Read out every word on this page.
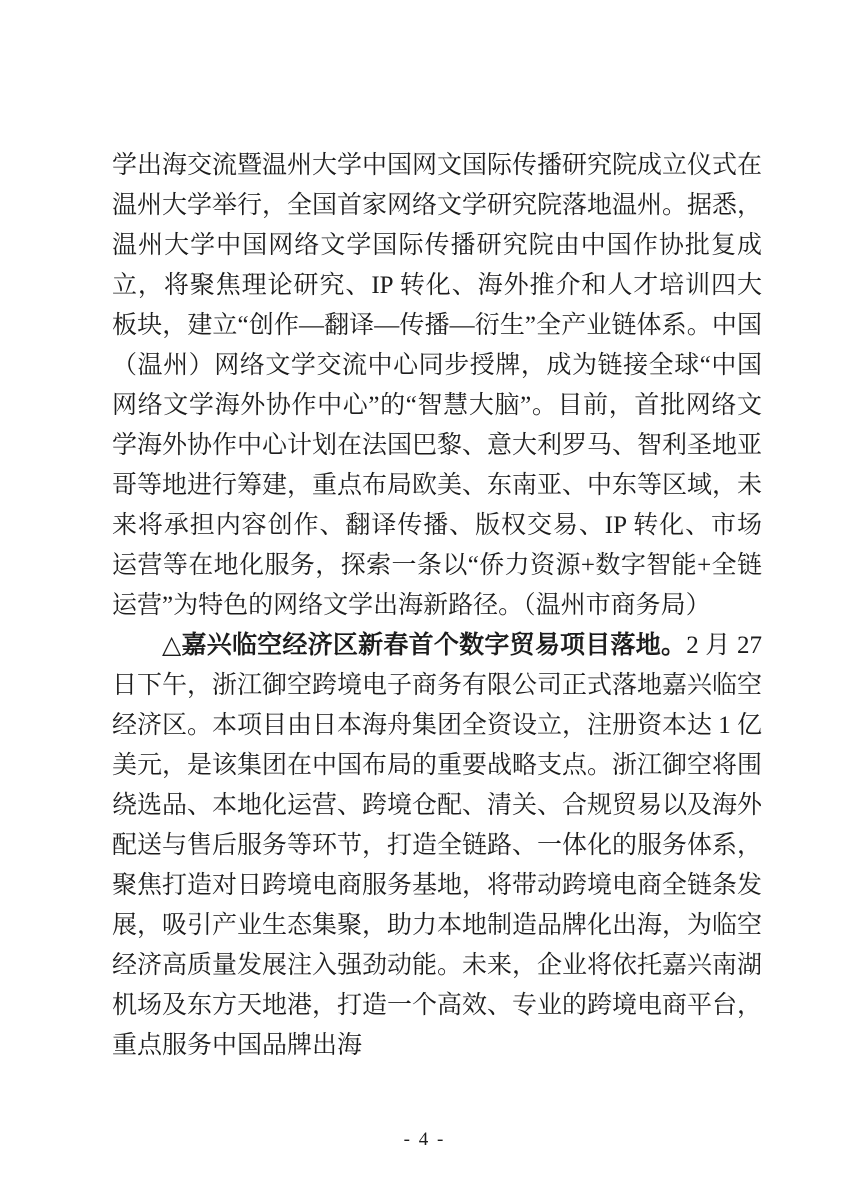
学出海交流暨温州大学中国网文国际传播研究院成立仪式在温州大学举行，全国首家网络文学研究院落地温州。据悉，温州大学中国网络文学国际传播研究院由中国作协批复成立，将聚焦理论研究、IP 转化、海外推介和人才培训四大板块，建立“创作—翻译—传播—衍生”全产业链体系。中国（温州）网络文学交流中心同步授牌，成为链接全球“中国网络文学海外协作中心”的“智慧大脑”。目前，首批网络文学海外协作中心计划在法国巴黎、意大利罗马、智利圣地亚哥等地进行筹建，重点布局欧美、东南亚、中东等区域，未来将承担内容创作、翻译传播、版权交易、IP 转化、市场运营等在地化服务，探索一条以“侨力资源+数字智能+全链运营”为特色的网络文学出海新路径。（温州市商务局）

△嘉兴临空经济区新春首个数字贸易项目落地。2 月 27 日下午，浙江御空跨境电子商务有限公司正式落地嘉兴临空经济区。本项目由日本海舟集团全资设立，注册资本达 1 亿美元，是该集团在中国布局的重要战略支点。浙江御空将围绕选品、本地化运营、跨境仓配、清关、合规贸易以及海外配送与售后服务等环节，打造全链路、一体化的服务体系，聚焦打造对日跨境电商服务基地，将带动跨境电商全链条发展，吸引产业生态集聚，助力本地制造品牌化出海，为临空经济高质量发展注入强劲动能。未来，企业将依托嘉兴南湖机场及东方天地港，打造一个高效、专业的跨境电商平台，重点服务中国品牌出海

- 4 -
